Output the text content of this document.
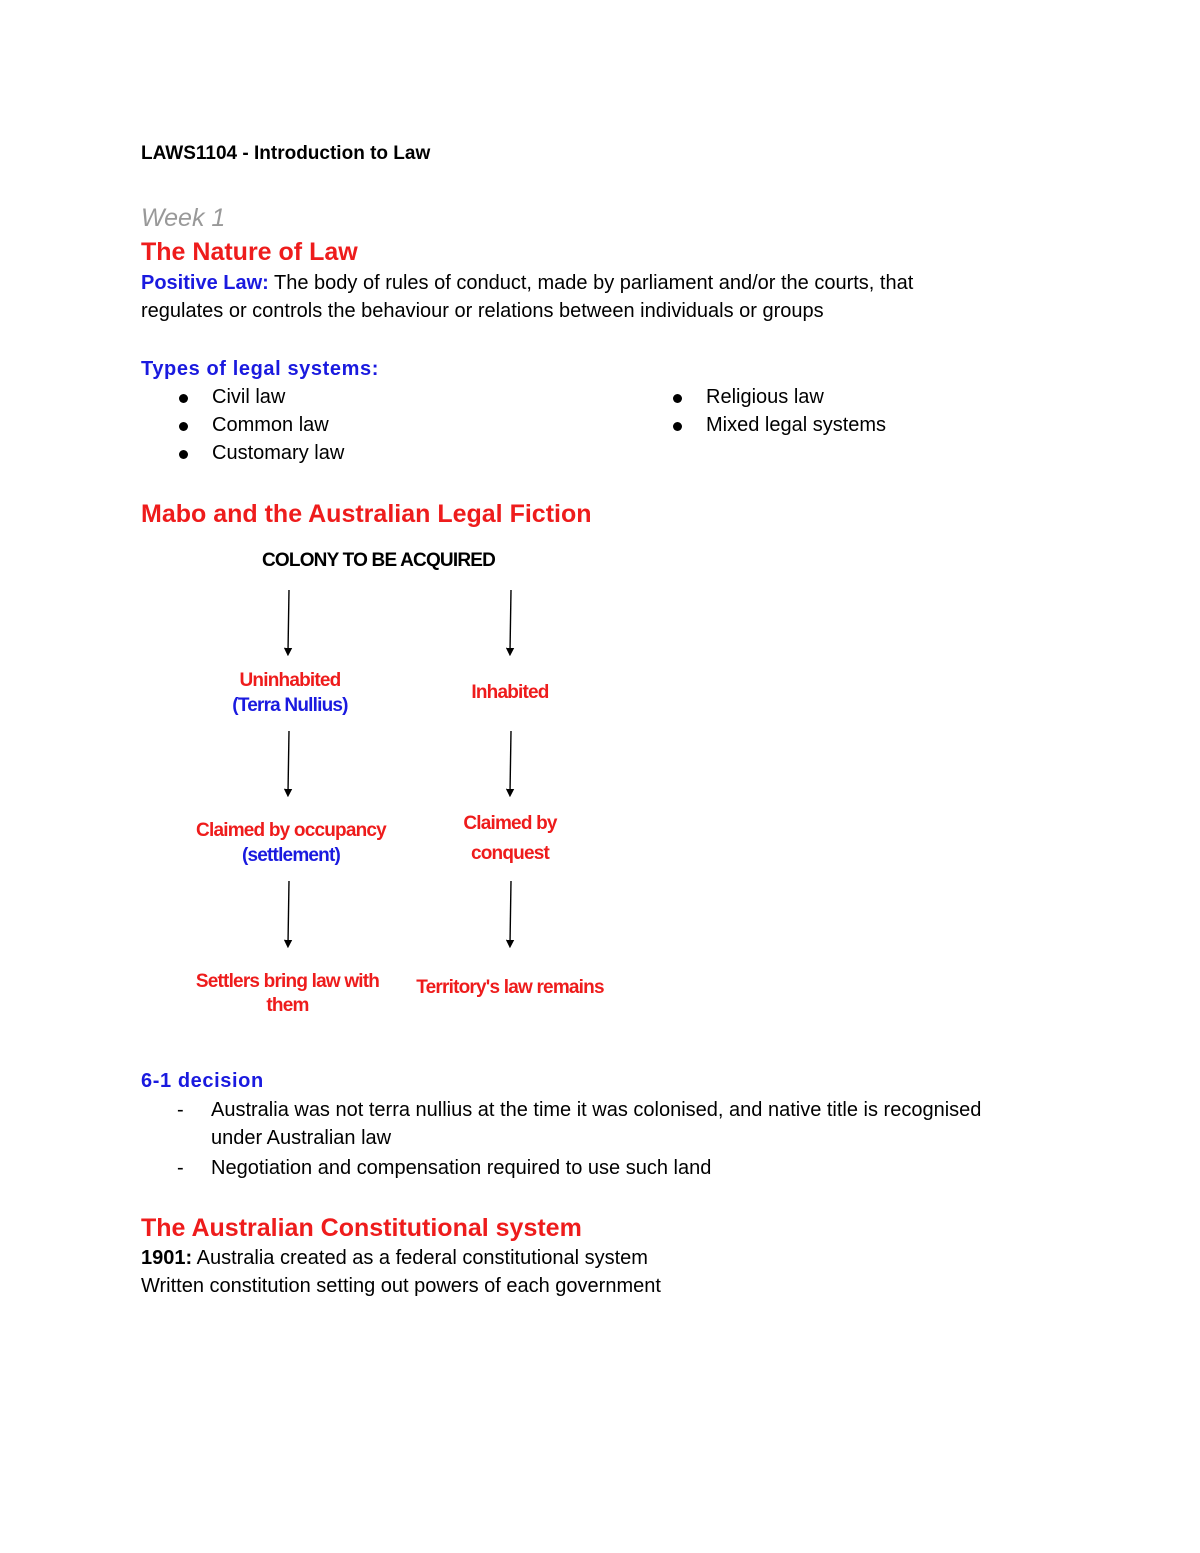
LAWS1104 - Introduction to Law
Week 1
The Nature of Law
Positive Law: The body of rules of conduct, made by parliament and/or the courts, that
regulates or controls the behaviour or relations between individuals or groups
Types of legal systems:
Civil law
Common law
Customary law
Religious law
Mixed legal systems
Mabo and the Australian Legal Fiction
COLONY TO BE ACQUIRED
Uninhabited
(Terra Nullius)
Claimed by occupancy
(settlement)
Settlers bring law with
them
Inhabited
Claimed by
conquest
Territory's law remains
6-1 decision
- Australia was not terra nullius at the time it was colonised, and native title is recognised
under Australian law
- Negotiation and compensation required to use such land
The Australian Constitutional system
1901: Australia created as a federal constitutional system
Written constitution setting out powers of each government
